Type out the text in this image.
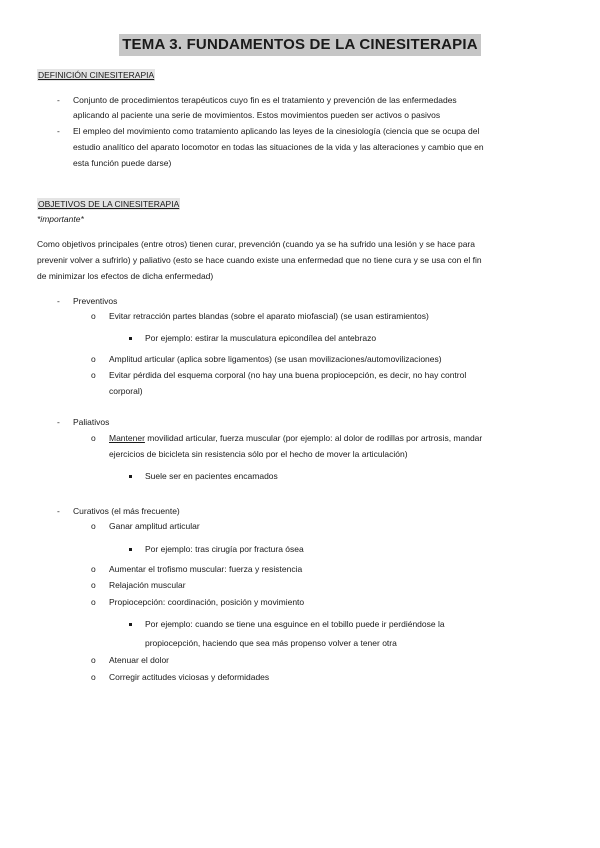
TEMA 3. FUNDAMENTOS DE LA CINESITERAPIA
DEFINICIÓN CINESITERAPIA
- Conjunto de procedimientos terapéuticos cuyo fin es el tratamiento y prevención de las enfermedades
aplicando al paciente una serie de movimientos. Estos movimientos pueden ser activos o pasivos
- El empleo del movimiento como tratamiento aplicando las leyes de la cinesiología (ciencia que se ocupa del
estudio analítico del aparato locomotor en todas las situaciones de la vida y las alteraciones y cambio que en
esta función puede darse)
OBJETIVOS DE LA CINESITERAPIA
*importante*
Como objetivos principales (entre otros) tienen curar, prevención (cuando ya se ha sufrido una lesión y se hace para
prevenir volver a sufrirlo) y paliativo (esto se hace cuando existe una enfermedad que no tiene cura y se usa con el fin
de minimizar los efectos de dicha enfermedad)
- Preventivos
o Evitar retracción partes blandas (sobre el aparato miofascial) (se usan estiramientos)
Por ejemplo: estirar la musculatura epicondílea del antebrazo
o Amplitud articular (aplica sobre ligamentos) (se usan movilizaciones/automovilizaciones)
o Evitar pérdida del esquema corporal (no hay una buena propiocepción, es decir, no hay control
corporal)
- Paliativos
o Mantener movilidad articular, fuerza muscular (por ejemplo: al dolor de rodillas por artrosis, mandar
ejercicios de bicicleta sin resistencia sólo por el hecho de mover la articulación)
Suele ser en pacientes encamados
- Curativos (el más frecuente)
o Ganar amplitud articular
Por ejemplo: tras cirugía por fractura ósea
o Aumentar el trofismo muscular: fuerza y resistencia
o Relajación muscular
o Propiocepción: coordinación, posición y movimiento
Por ejemplo: cuando se tiene una esguince en el tobillo puede ir perdiéndose la
propiocepción, haciendo que sea más propenso volver a tener otra
o Atenuar el dolor
o Corregir actitudes viciosas y deformidades
